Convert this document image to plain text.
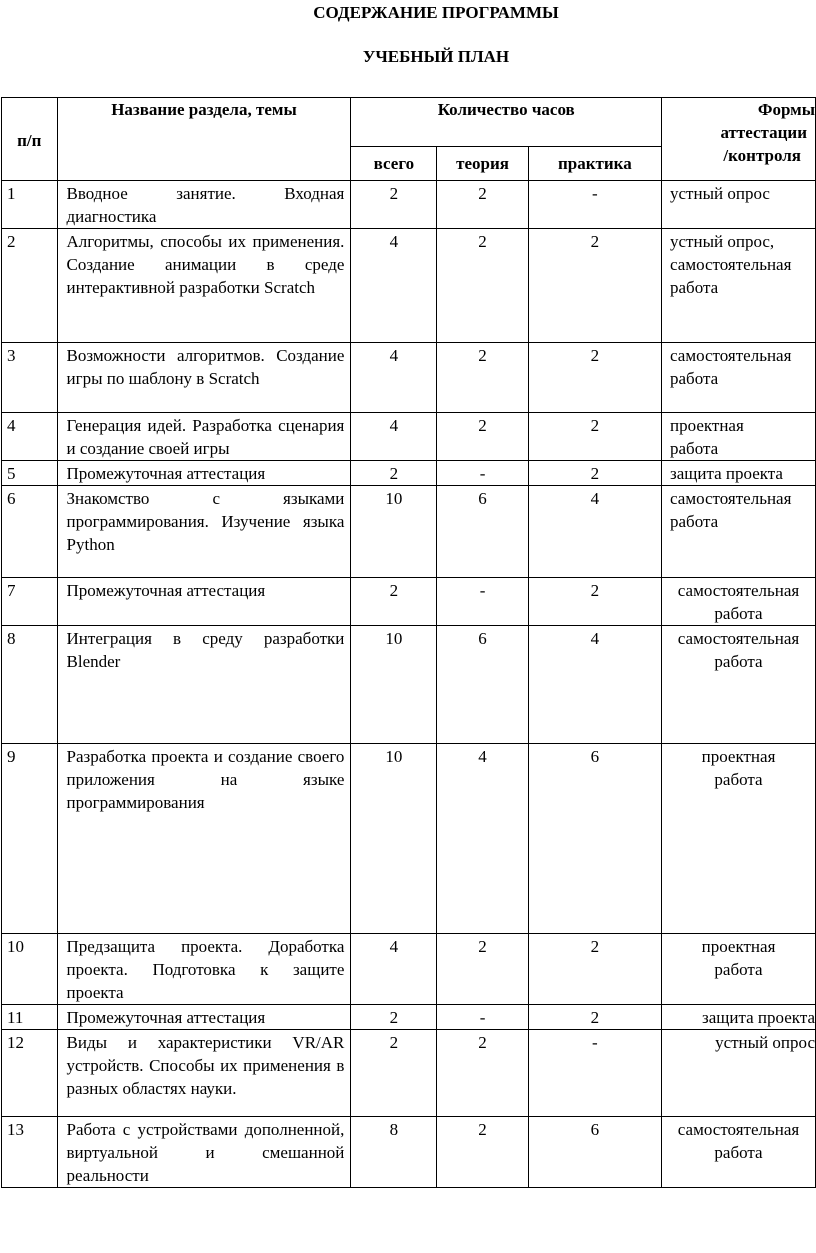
СОДЕРЖАНИЕ ПРОГРАММЫ
УЧЕБНЫЙ ПЛАН
п/п	Название раздела, темы	Количество часов			Формы
аттестации
/контроля

		всего	теория	практика	
1	Вводное занятие. Входная диагностика	2	2	-	устный опрос

2	Алгоритмы, способы их применения. Создание анимации в среде интерактивной разработки Scratch	4	2	2	устный опрос,
самостоятельная
работа

3	Возможности алгоритмов. Создание игры по шаблону в Scratch	4	2	2	самостоятельная
работа

4	Генерация идей. Разработка сценария и создание своей игры	4	2	2	проектная
работа

5	Промежуточная аттестация	2	-	2	защита проекта

6	Знакомство с языками программирования. Изучение языка Python	10	6	4	самостоятельная
работа

7	Промежуточная аттестация	2	-	2	самостоятельная
работа

8	Интеграция в среду разработки Blender	10	6	4	самостоятельная
работа

9	Разработка проекта и создание своего приложения на языке программирования	10	4	6	проектная
работа

10	Предзащита проекта. Доработка проекта. Подготовка к защите проекта	4	2	2	проектная
работа

11	Промежуточная аттестация	2	-	2	защита проекта

12	Виды и характеристики VR/AR устройств. Способы их применения в разных областях науки.	2	2	-	устный опрос

13	Работа с устройствами дополненной, виртуальной и смешанной реальности	8	2	6	самостоятельная
работа
